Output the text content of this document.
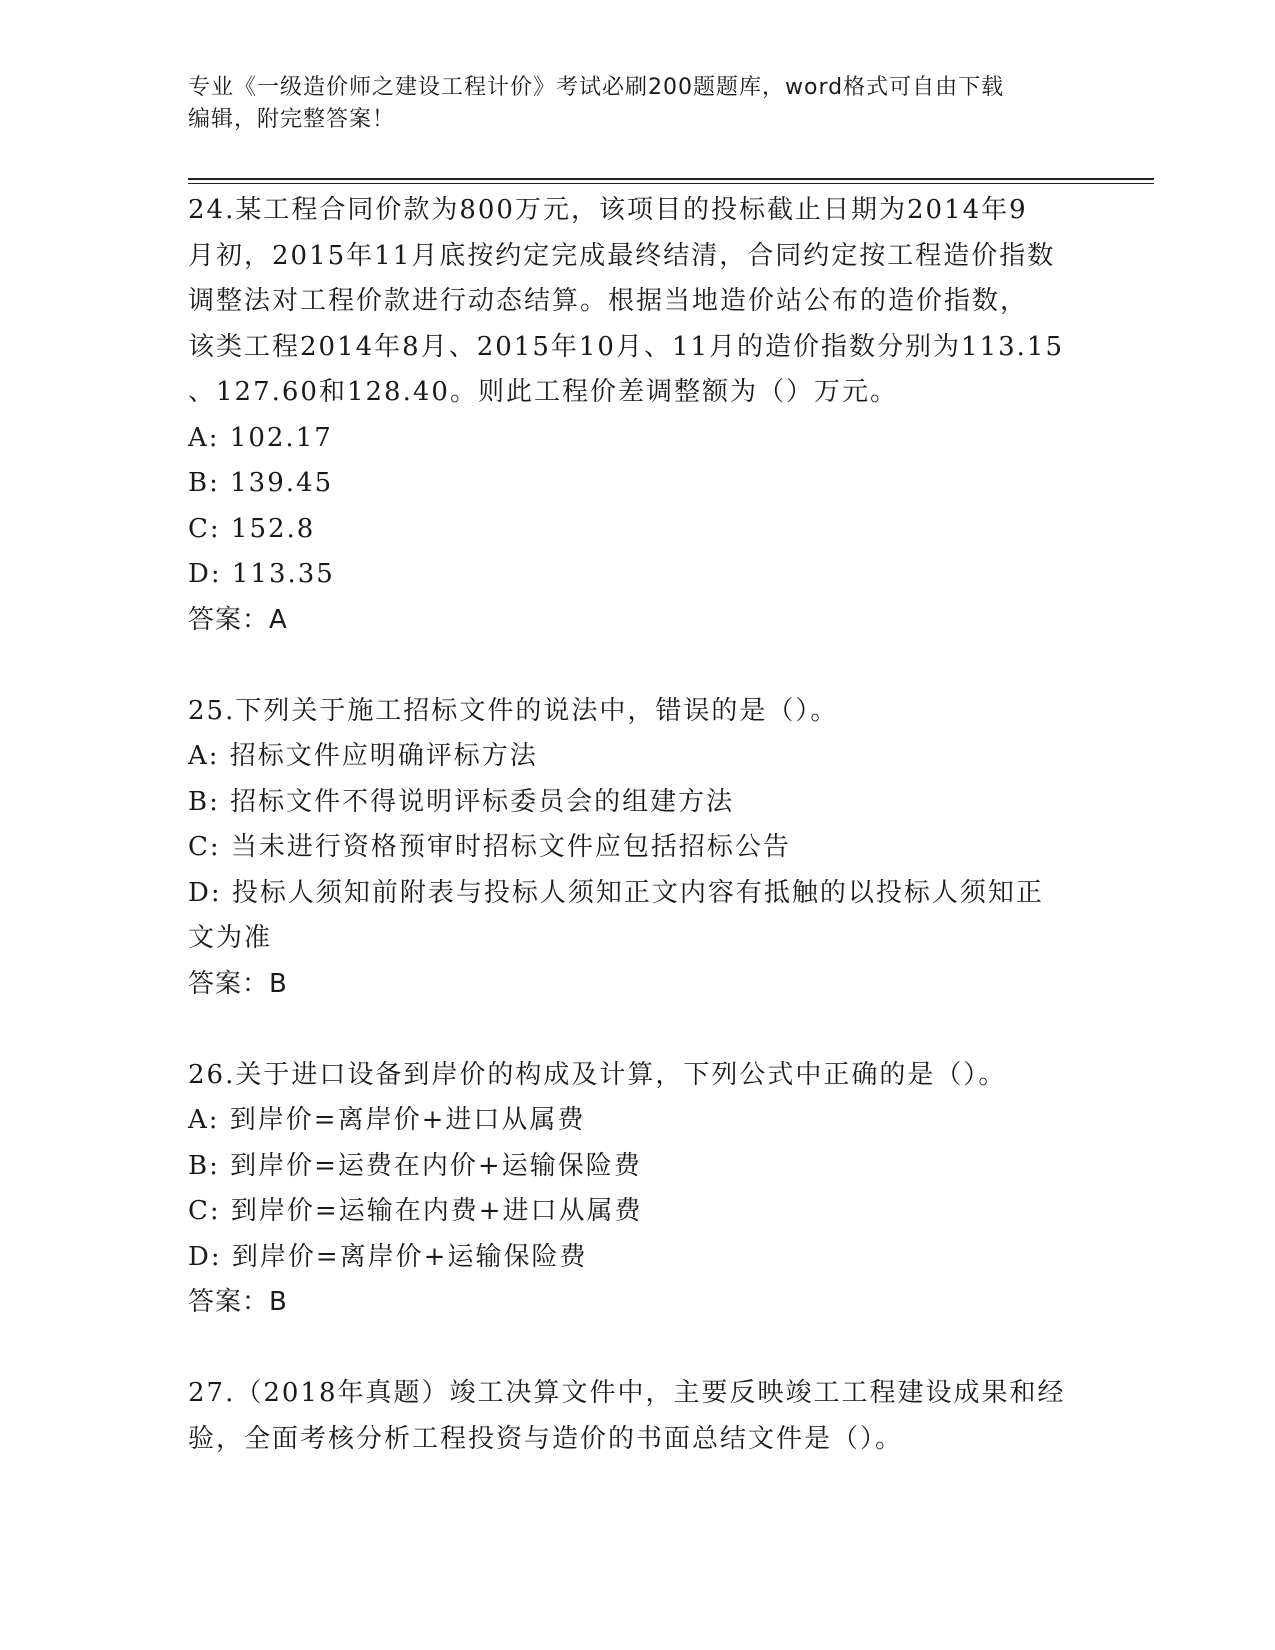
专业《一级造价师之建设工程计价》考试必刷200题题库，word格式可自由下载
编辑，附完整答案！
24.某工程合同价款为800万元，该项目的投标截止日期为2014年9
月初，2015年11月底按约定完成最终结清，合同约定按工程造价指数
调整法对工程价款进行动态结算。根据当地造价站公布的造价指数，
该类工程2014年8月、2015年10月、11月的造价指数分别为113.15
、127.60和128.40。则此工程价差调整额为（）万元。
A: 102.17
B: 139.45
C: 152.8
D: 113.35
答案：A
25.下列关于施工招标文件的说法中，错误的是（）。
A: 招标文件应明确评标方法
B: 招标文件不得说明评标委员会的组建方法
C: 当未进行资格预审时招标文件应包括招标公告
D: 投标人须知前附表与投标人须知正文内容有抵触的以投标人须知正
文为准
答案：B
26.关于进口设备到岸价的构成及计算，下列公式中正确的是（）。
A: 到岸价=离岸价+进口从属费
B: 到岸价=运费在内价+运输保险费
C: 到岸价=运输在内费+进口从属费
D: 到岸价=离岸价+运输保险费
答案：B
27.（2018年真题）竣工决算文件中，主要反映竣工工程建设成果和经
验，全面考核分析工程投资与造价的书面总结文件是（）。
